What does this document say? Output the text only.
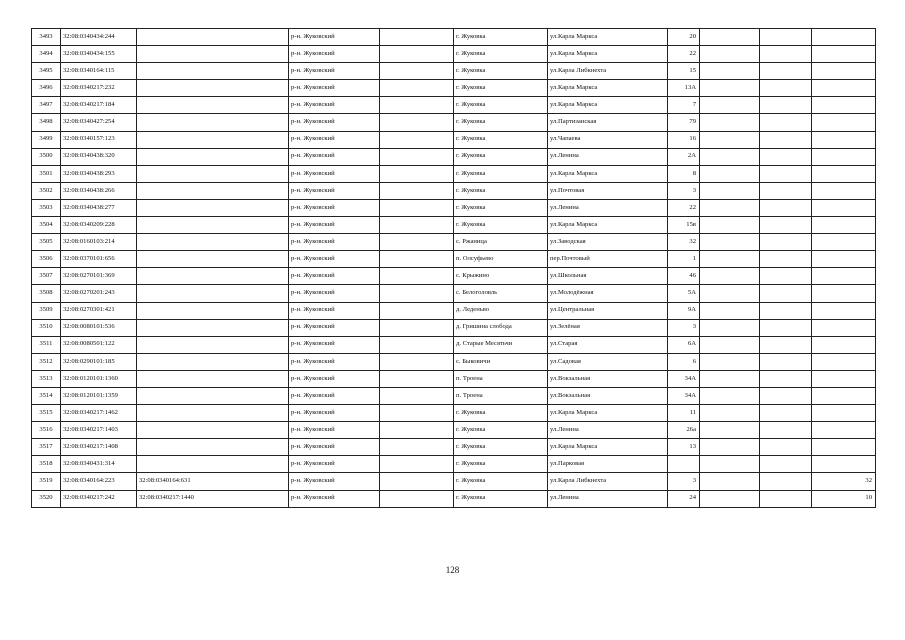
3493	32:08:0340434:244		р-н. Жуковский		г. Жуковка	ул.Карла Маркса	20			
3494	32:08:0340434:155		р-н. Жуковский		г. Жуковка	ул.Карла Маркса	22			
3495	32:08:0340164:115		р-н. Жуковский		г. Жуковка	ул.Карла Либкнехта	15			
3496	32:08:0340217:232		р-н. Жуковский		г. Жуковка	ул.Карла Маркса	13А			
3497	32:08:0340217:184		р-н. Жуковский		г. Жуковка	ул.Карла Маркса	7			
3498	32:08:0340427:254		р-н. Жуковский		г. Жуковка	ул.Партизанская	79			
3499	32:08:0340157:123		р-н. Жуковский		г. Жуковка	ул.Чапаева	16			
3500	32:08:0340438:320		р-н. Жуковский		г. Жуковка	ул.Ленина	2А			
3501	32:08:0340438:293		р-н. Жуковский		г. Жуковка	ул.Карла Маркса	8			
3502	32:08:0340438:266		р-н. Жуковский		г. Жуковка	ул.Почтовая	3			
3503	32:08:0340438:277		р-н. Жуковский		г. Жуковка	ул.Ленина	22			
3504	32:08:0340209:228		р-н. Жуковский		г. Жуковка	ул.Карла Маркса	15в			
3505	32:08:0160103:214		р-н. Жуковский		с. Ржаница	ул.Заводская	32			
3506	32:08:0370101:656		р-н. Жуковский		п. Олсуфьево	пер.Почтовый	1			
3507	32:08:0270101:369		р-н. Жуковский		с. Крыжино	ул.Школьная	46			
3508	32:08:0270201:243		р-н. Жуковский		с. Белоголовль	ул.Молодёжная	5А			
3509	32:08:0270301:421		р-н. Жуковский		д. Леденьво	ул.Центральная	9А			
3510	32:08:0080101:536		р-н. Жуковский		д. Гришина слобода	ул.Зелёная	3			
3511	32:08:0080501:122		р-н. Жуковский		д. Старые Месятьчи	ул.Старая	6А			
3512	32:08:0290101:185		р-н. Жуковский		с. Быковичи	ул.Садовая	6			
3513	32:08:0120101:1360		р-н. Жуковский		п. Троена	ул.Вокзальная	34А			
3514	32:08:0120101:1359		р-н. Жуковский		п. Троена	ул.Вокзальная	34А			
3515	32:08:0340217:1462		р-н. Жуковский		г. Жуковка	ул.Карла Маркса	11			
3516	32:08:0340217:1403		р-н. Жуковский		г. Жуковка	ул.Ленина	26а			
3517	32:08:0340217:1408		р-н. Жуковский		г. Жуковка	ул.Карла Маркса	13			
3518	32:08:0340431:314		р-н. Жуковский		г. Жуковка	ул.Парковая				
3519	32:08:0340164:223	32:08:0340164:631	р-н. Жуковский		г. Жуковка	ул.Карла Либкнехта	3			32
3520	32:08:0340217:242	32:08:0340217:1440	р-н. Жуковский		г. Жуковка	ул.Ленина	24			10
128
